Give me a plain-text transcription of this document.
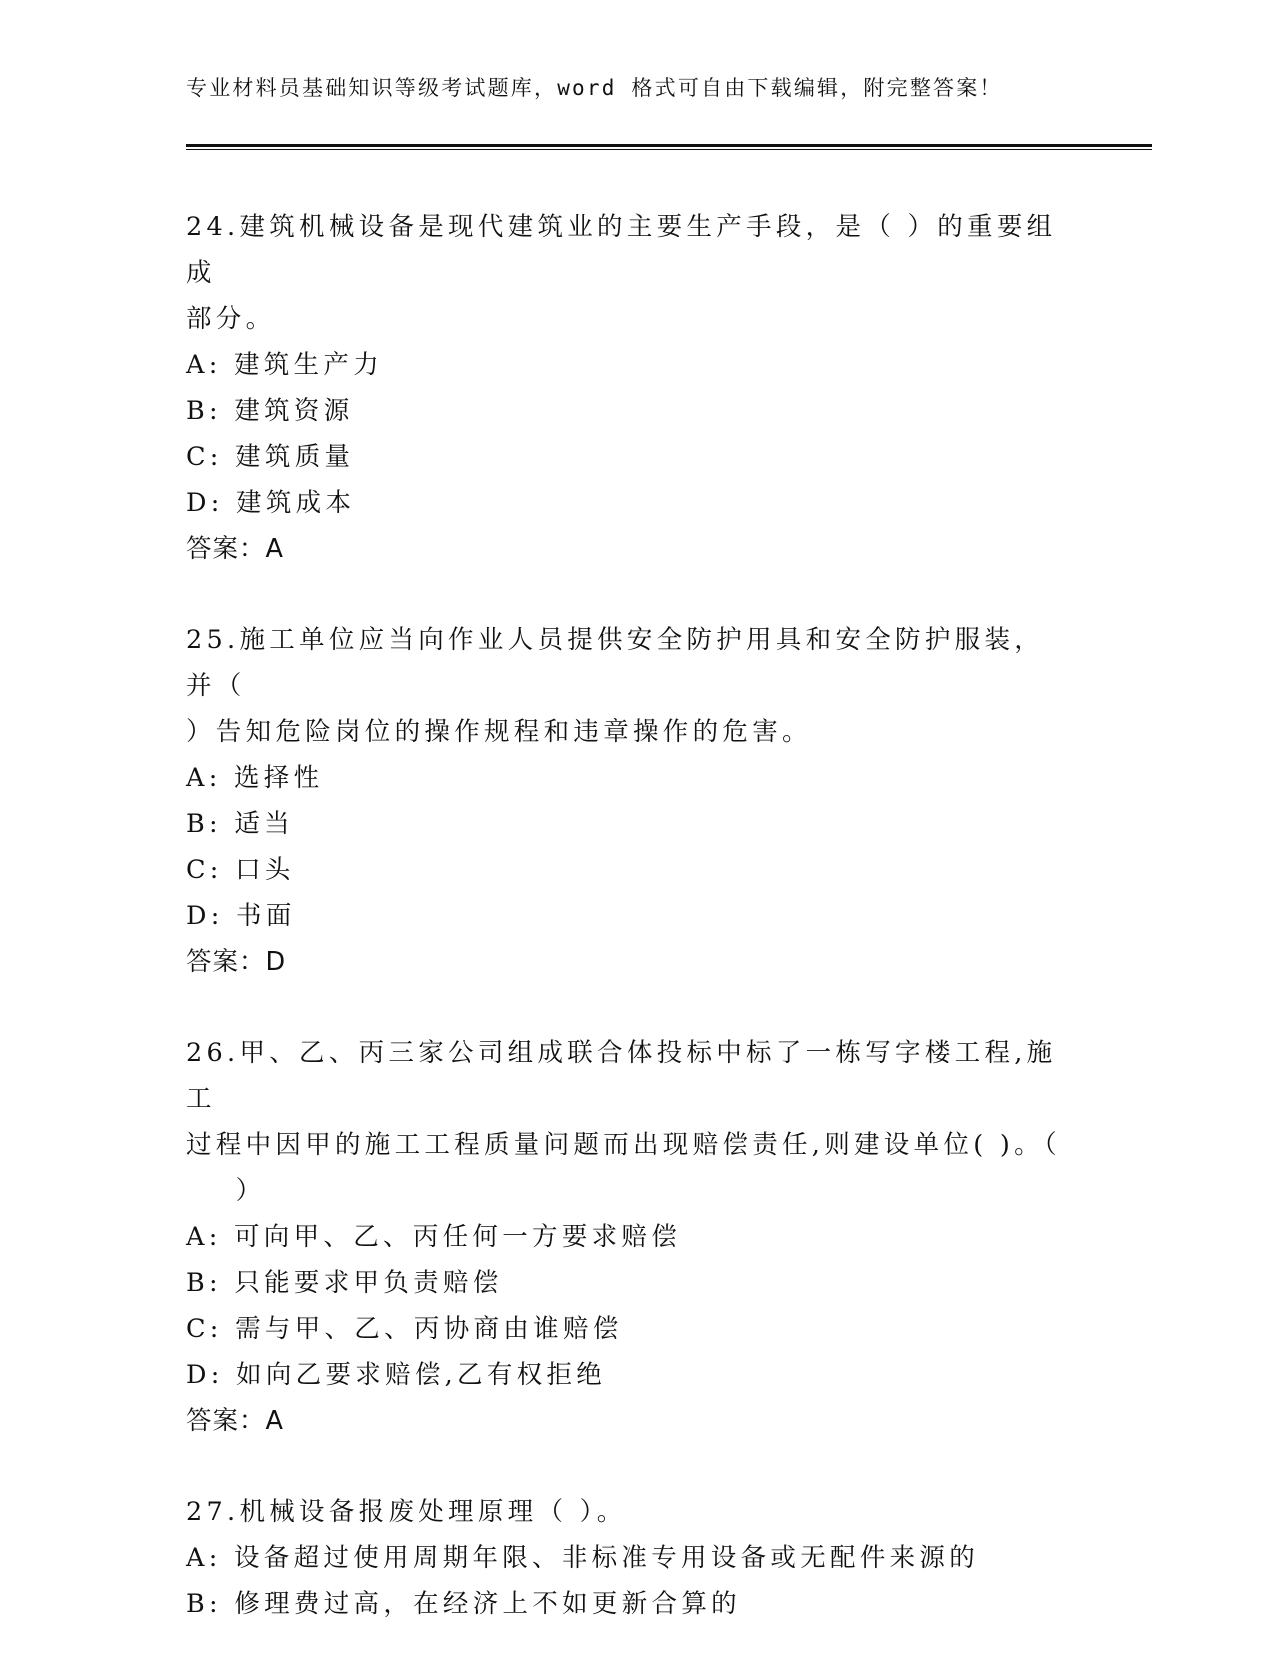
专业材料员基础知识等级考试题库，word 格式可自由下载编辑，附完整答案！

24.建筑机械设备是现代建筑业的主要生产手段，是（ ）的重要组成

部分。

A: 建筑生产力

B: 建筑资源

C: 建筑质量

D: 建筑成本

答案：A

25.施工单位应当向作业人员提供安全防护用具和安全防护服装，并（

）告知危险岗位的操作规程和违章操作的危害。

A: 选择性

B: 适当

C: 口头

D: 书面

答案：D

26.甲、乙、丙三家公司组成联合体投标中标了一栋写字楼工程,施工

过程中因甲的施工工程质量问题而出现赔偿责任,则建设单位( )。（

）

A: 可向甲、乙、丙任何一方要求赔偿

B: 只能要求甲负责赔偿

C: 需与甲、乙、丙协商由谁赔偿

D: 如向乙要求赔偿,乙有权拒绝

答案：A

27.机械设备报废处理原理（ ）。

A: 设备超过使用周期年限、非标准专用设备或无配件来源的

B: 修理费过高，在经济上不如更新合算的
